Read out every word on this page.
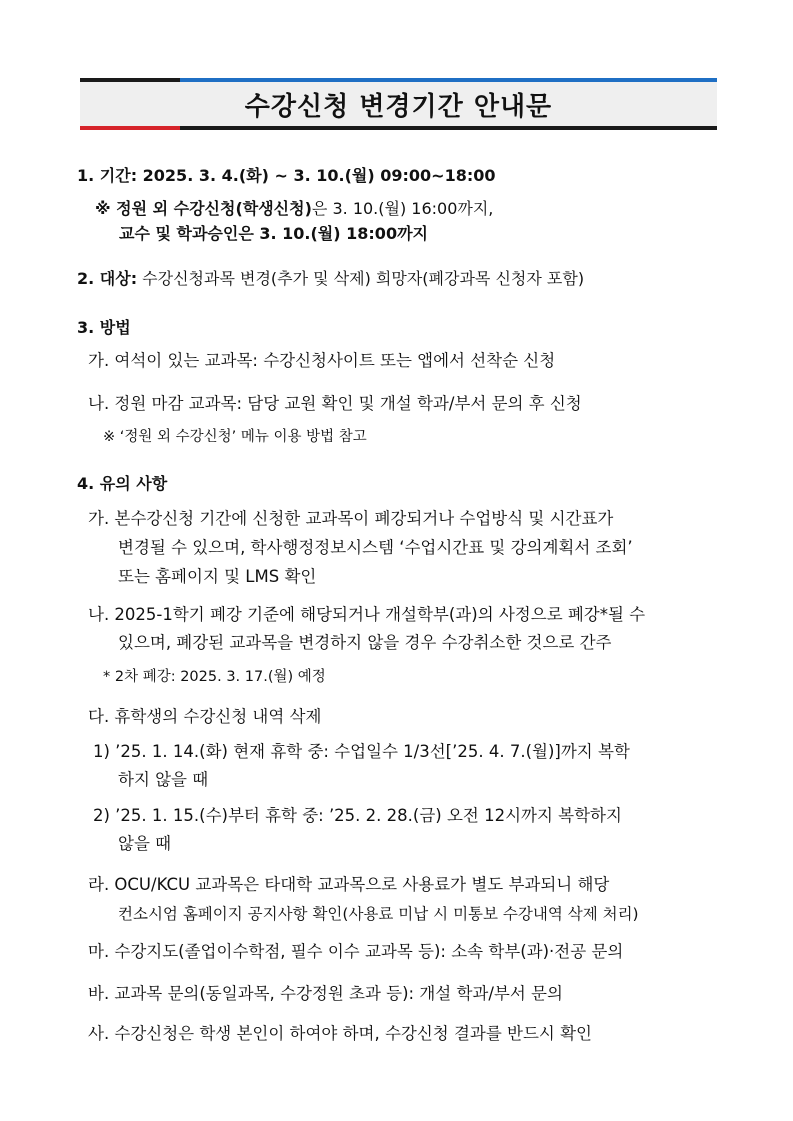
수강신청 변경기간 안내문
1. 기간: 2025. 3. 4.(화) ~ 3. 10.(월) 09:00~18:00
※ 정원 외 수강신청(학생신청)은 3. 10.(월) 16:00까지,
교수 및 학과승인은 3. 10.(월) 18:00까지
2. 대상: 수강신청과목 변경(추가 및 삭제) 희망자(폐강과목 신청자 포함)
3. 방법
가. 여석이 있는 교과목: 수강신청사이트 또는 앱에서 선착순 신청
나. 정원 마감 교과목: 담당 교원 확인 및 개설 학과/부서 문의 후 신청
※ ‘정원 외 수강신청’ 메뉴 이용 방법 참고
4. 유의 사항
가. 본수강신청 기간에 신청한 교과목이 폐강되거나 수업방식 및 시간표가
변경될 수 있으며, 학사행정정보시스템 ‘수업시간표 및 강의계획서 조회’
또는 홈페이지 및 LMS 확인
나. 2025-1학기 폐강 기준에 해당되거나 개설학부(과)의 사정으로 폐강*될 수
있으며, 폐강된 교과목을 변경하지 않을 경우 수강취소한 것으로 간주
* 2차 폐강: 2025. 3. 17.(월) 예정
다. 휴학생의 수강신청 내역 삭제
1) ’25. 1. 14.(화) 현재 휴학 중: 수업일수 1/3선[’25. 4. 7.(월)]까지 복학
하지 않을 때
2) ’25. 1. 15.(수)부터 휴학 중: ’25. 2. 28.(금) 오전 12시까지 복학하지
않을 때
라. OCU/KCU 교과목은 타대학 교과목으로 사용료가 별도 부과되니 해당
컨소시엄 홈페이지 공지사항 확인(사용료 미납 시 미통보 수강내역 삭제 처리)
마. 수강지도(졸업이수학점, 필수 이수 교과목 등): 소속 학부(과)·전공 문의
바. 교과목 문의(동일과목, 수강정원 초과 등): 개설 학과/부서 문의
사. 수강신청은 학생 본인이 하여야 하며, 수강신청 결과를 반드시 확인
